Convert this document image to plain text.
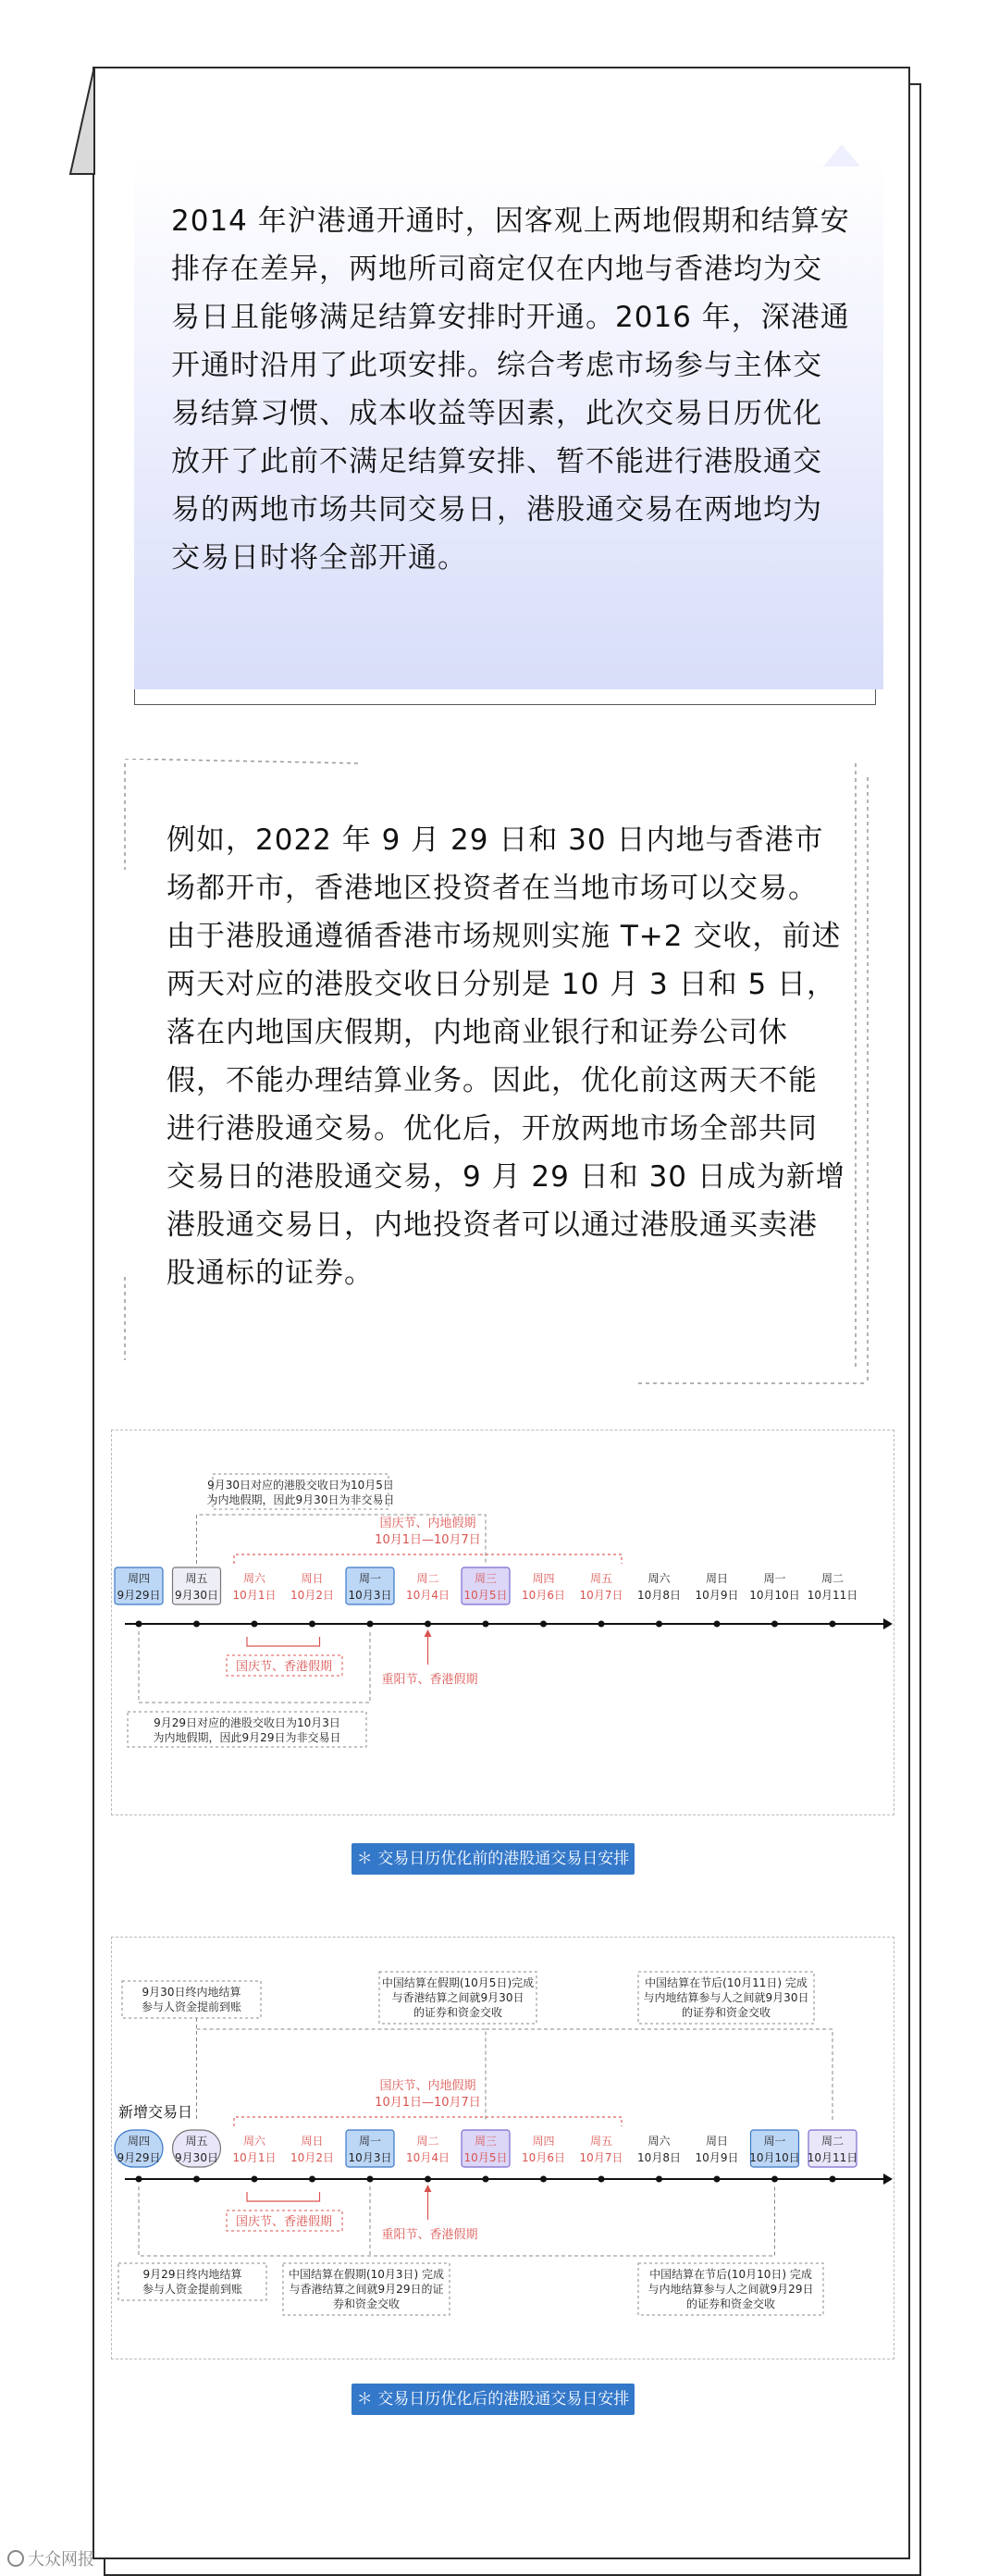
2014 年沪港通开通时，因客观上两地假期和结算安排存在差异，两地所司商定仅在内地与香港均为交易日且能够满足结算安排时开通。2016 年，深港通开通时沿用了此项安排。综合考虑市场参与主体交易结算习惯、成本收益等因素，此次交易日历优化放开了此前不满足结算安排、暂不能进行港股通交易的两地市场共同交易日，港股通交易在两地均为交易日时将全部开通。
例如，2022 年 9 月 29 日和 30 日内地与香港市场都开市，香港地区投资者在当地市场可以交易。由于港股通遵循香港市场规则实施 T+2 交收，前述两天对应的港股交收日分别是 10 月 3 日和 5 日，落在内地国庆假期，内地商业银行和证券公司休假，不能办理结算业务。因此，优化前这两天不能进行港股通交易。优化后，开放两地市场全部共同交易日的港股通交易，9 月 29 日和 30 日成为新增港股通交易日，内地投资者可以通过港股通买卖港股通标的证券。
国庆节、内地假期
10月1日—10月7日
周四
9月29日
周五
9月30日
周六
10月1日
周日
10月2日
周一
10月3日
周二
10月4日
周三
10月5日
周四
10月6日
周五
10月7日
周六
10月8日
周日
10月9日
周一
10月10日
周二
10月11日
国庆节、香港假期
重阳节、香港假期
9月30日对应的港股交收日为10月5日
为内地假期，因此9月30日为非交易日
9月29日对应的港股交收日为10月3日
为内地假期，因此9月29日为非交易日
＊ 交易日历优化前的港股通交易日安排
国庆节、内地假期
10月1日—10月7日
周四
9月29日
周五
9月30日
周六
10月1日
周日
10月2日
周一
10月3日
周二
10月4日
周三
10月5日
周四
10月6日
周五
10月7日
周六
10月8日
周日
10月9日
周一
10月10日
周二
10月11日
国庆节、香港假期
重阳节、香港假期
新增交易日
9月30日终内地结算
参与人资金提前到账
中国结算在假期(10月5日)完成
与香港结算之间就9月30日
的证券和资金交收
中国结算在节后(10月11日) 完成
与内地结算参与人之间就9月30日
的证券和资金交收
9月29日终内地结算
参与人资金提前到账
中国结算在假期(10月3日) 完成
与香港结算之间就9月29日的证
券和资金交收
中国结算在节后(10月10日) 完成
与内地结算参与人之间就9月29日
的证券和资金交收
＊ 交易日历优化后的港股通交易日安排
大众网报
